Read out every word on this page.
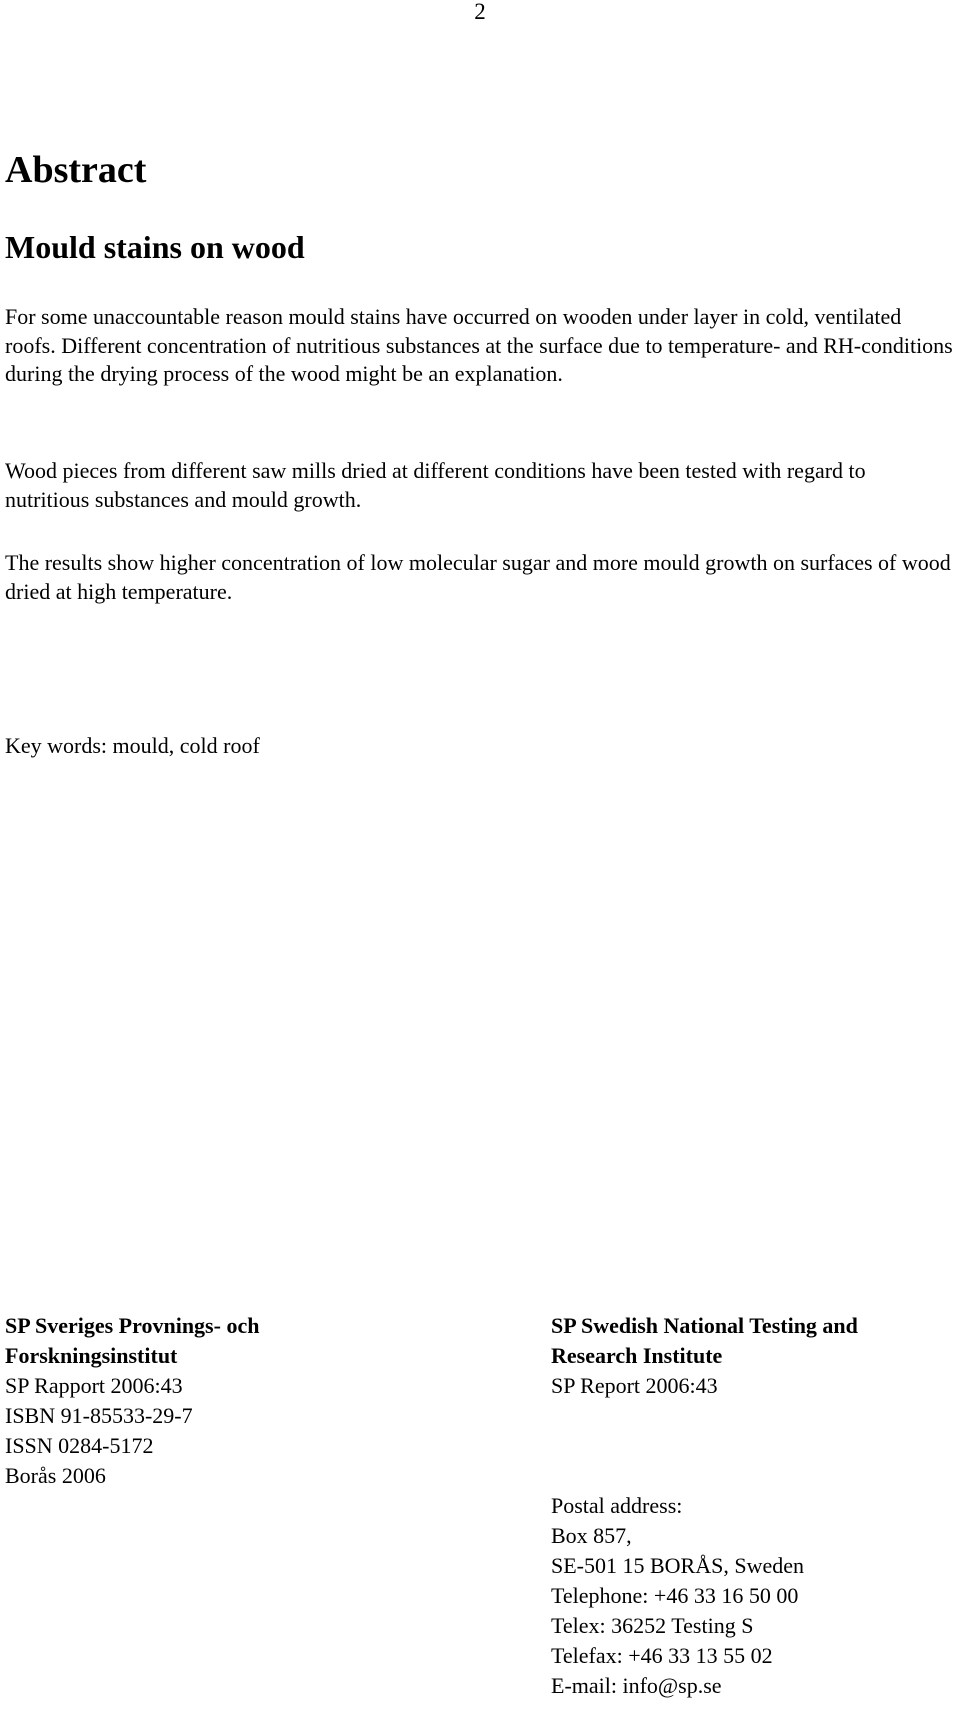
2
Abstract
Mould stains on wood

For some unaccountable reason mould stains have occurred on wooden under layer in cold, ventilated roofs. Different concentration of nutritious substances at the surface due to temperature- and RH-conditions during the drying process of the wood might be an explanation.

Wood pieces from different saw mills dried at different conditions have been tested with regard to nutritious substances and mould growth.

The results show higher concentration of low molecular sugar and more mould growth on surfaces of wood dried at high temperature.

Key words: mould, cold roof

SP Sveriges Provnings- och
Forskningsinstitut
SP Rapport 2006:43
ISBN 91-85533-29-7
ISSN 0284-5172
Borås 2006
SP Swedish National Testing and
Research Institute
SP Report 2006:43
Postal address:
Box 857,
SE-501 15 BORÅS, Sweden
Telephone: +46 33 16 50 00
Telex: 36252 Testing S
Telefax: +46 33 13 55 02
E-mail: info@sp.se
